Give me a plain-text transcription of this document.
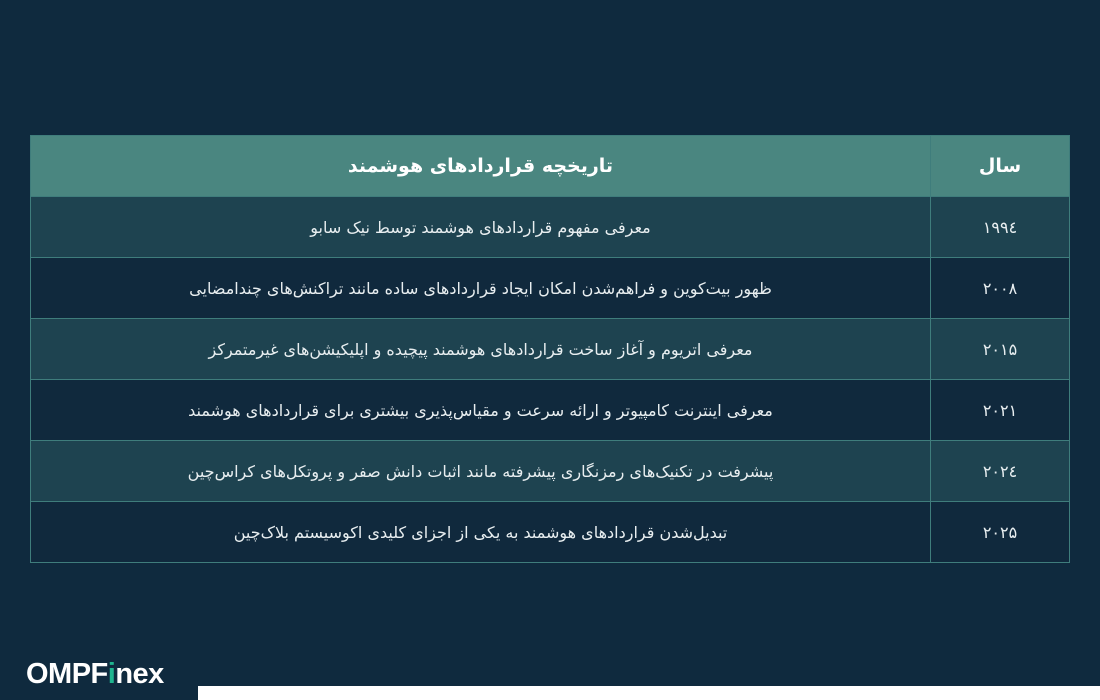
سال	تاریخچه قراردادهای هوشمند
۱۹۹٤	معرفی مفهوم قراردادهای هوشمند توسط نیک سابو
۲۰۰۸	ظهور بیت‌کوین و فراهم‌شدن امکان ایجاد قراردادهای ساده مانند تراکنش‌های چندامضایی
۲۰۱۵	معرفی اتریوم و آغاز ساخت قراردادهای هوشمند پیچیده و اپلیکیشن‌های غیرمتمرکز
۲۰۲۱	معرفی اینترنت کامپیوتر و ارائه سرعت و مقیاس‌پذیری بیشتری برای قراردادهای هوشمند
۲۰۲٤	پیشرفت در تکنیک‌های رمزنگاری پیشرفته مانند اثبات دانش صفر و پروتکل‌های کراس‌چین
۲۰۲۵	تبدیل‌شدن قراردادهای هوشمند به یکی از اجزای کلیدی اکوسیستم بلاک‌چین
OMPFinex
